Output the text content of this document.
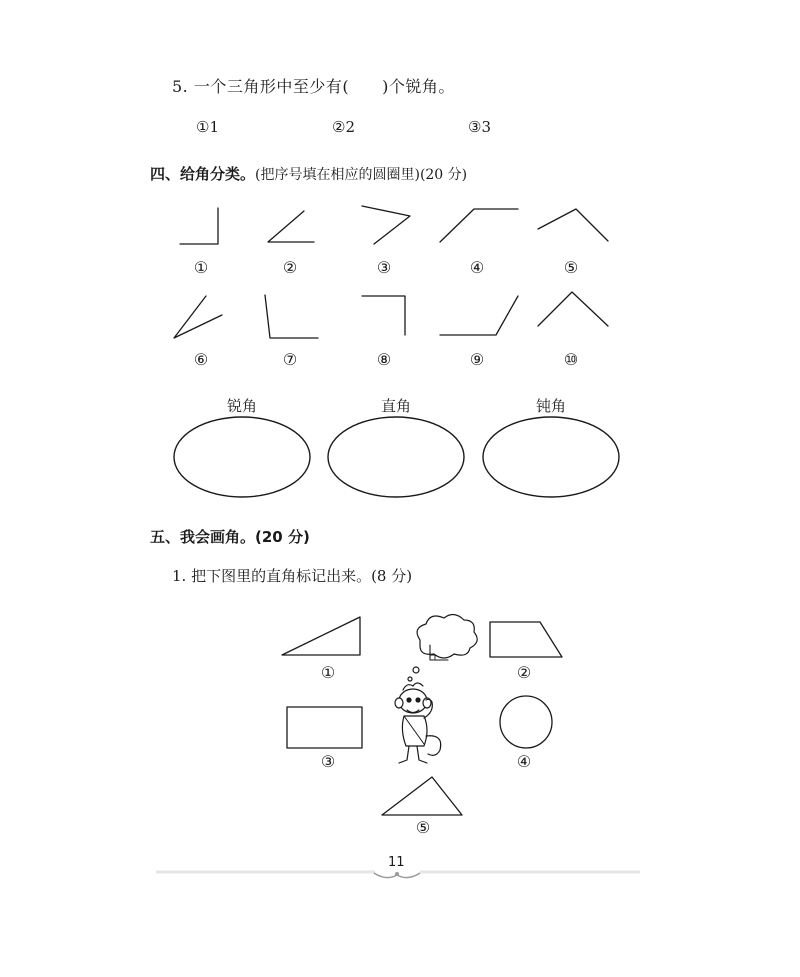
5. 一个三角形中至少有(　　)个锐角。
①1	②2	③3
四、给角分类。(把序号填在相应的圆圈里)(20 分)
①	②	③	④	⑤
⑥	⑦	⑧	⑨	⑩
锐角	直角	钝角
五、我会画角。(20 分)
1. 把下图里的直角标记出来。(8 分)
①	②
③	④
⑤
11
